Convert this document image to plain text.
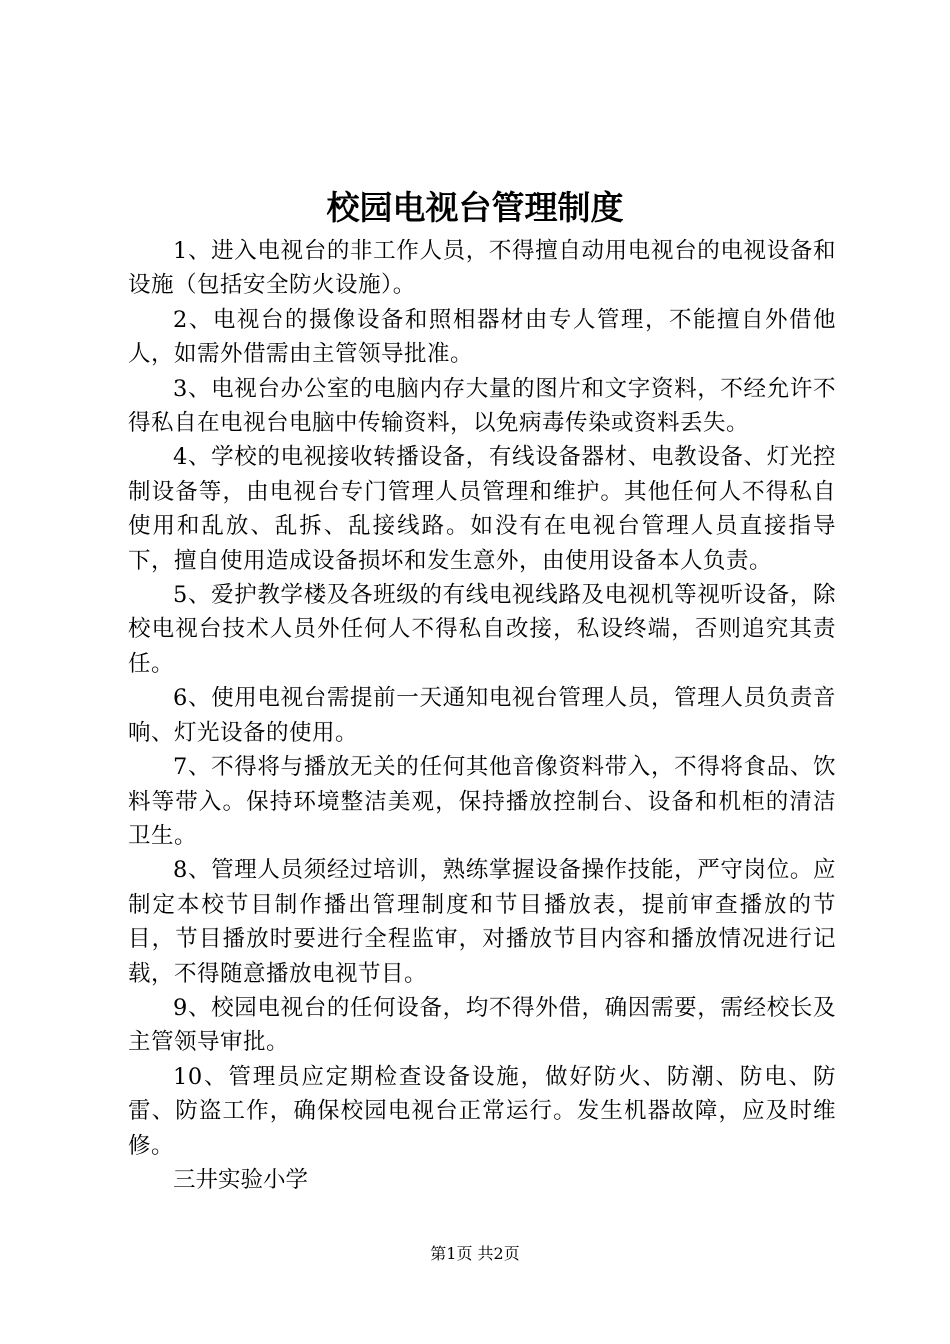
校园电视台管理制度

1、进入电视台的非工作人员，不得擅自动用电视台的电视设备和设施（包括安全防火设施）。

2、电视台的摄像设备和照相器材由专人管理，不能擅自外借他人，如需外借需由主管领导批准。

3、电视台办公室的电脑内存大量的图片和文字资料，不经允许不得私自在电视台电脑中传输资料，以免病毒传染或资料丢失。

4、学校的电视接收转播设备，有线设备器材、电教设备、灯光控制设备等，由电视台专门管理人员管理和维护。其他任何人不得私自使用和乱放、乱拆、乱接线路。如没有在电视台管理人员直接指导下，擅自使用造成设备损坏和发生意外，由使用设备本人负责。

5、爱护教学楼及各班级的有线电视线路及电视机等视听设备，除校电视台技术人员外任何人不得私自改接，私设终端，否则追究其责任。

6、使用电视台需提前一天通知电视台管理人员，管理人员负责音响、灯光设备的使用。

7、不得将与播放无关的任何其他音像资料带入，不得将食品、饮料等带入。保持环境整洁美观，保持播放控制台、设备和机柜的清洁卫生。

8、管理人员须经过培训，熟练掌握设备操作技能，严守岗位。应制定本校节目制作播出管理制度和节目播放表，提前审查播放的节目，节目播放时要进行全程监审，对播放节目内容和播放情况进行记载，不得随意播放电视节目。

9、校园电视台的任何设备，均不得外借，确因需要，需经校长及主管领导审批。

10、管理员应定期检查设备设施，做好防火、防潮、防电、防雷、防盗工作，确保校园电视台正常运行。发生机器故障，应及时维修。

三井实验小学

第1页 共2页
